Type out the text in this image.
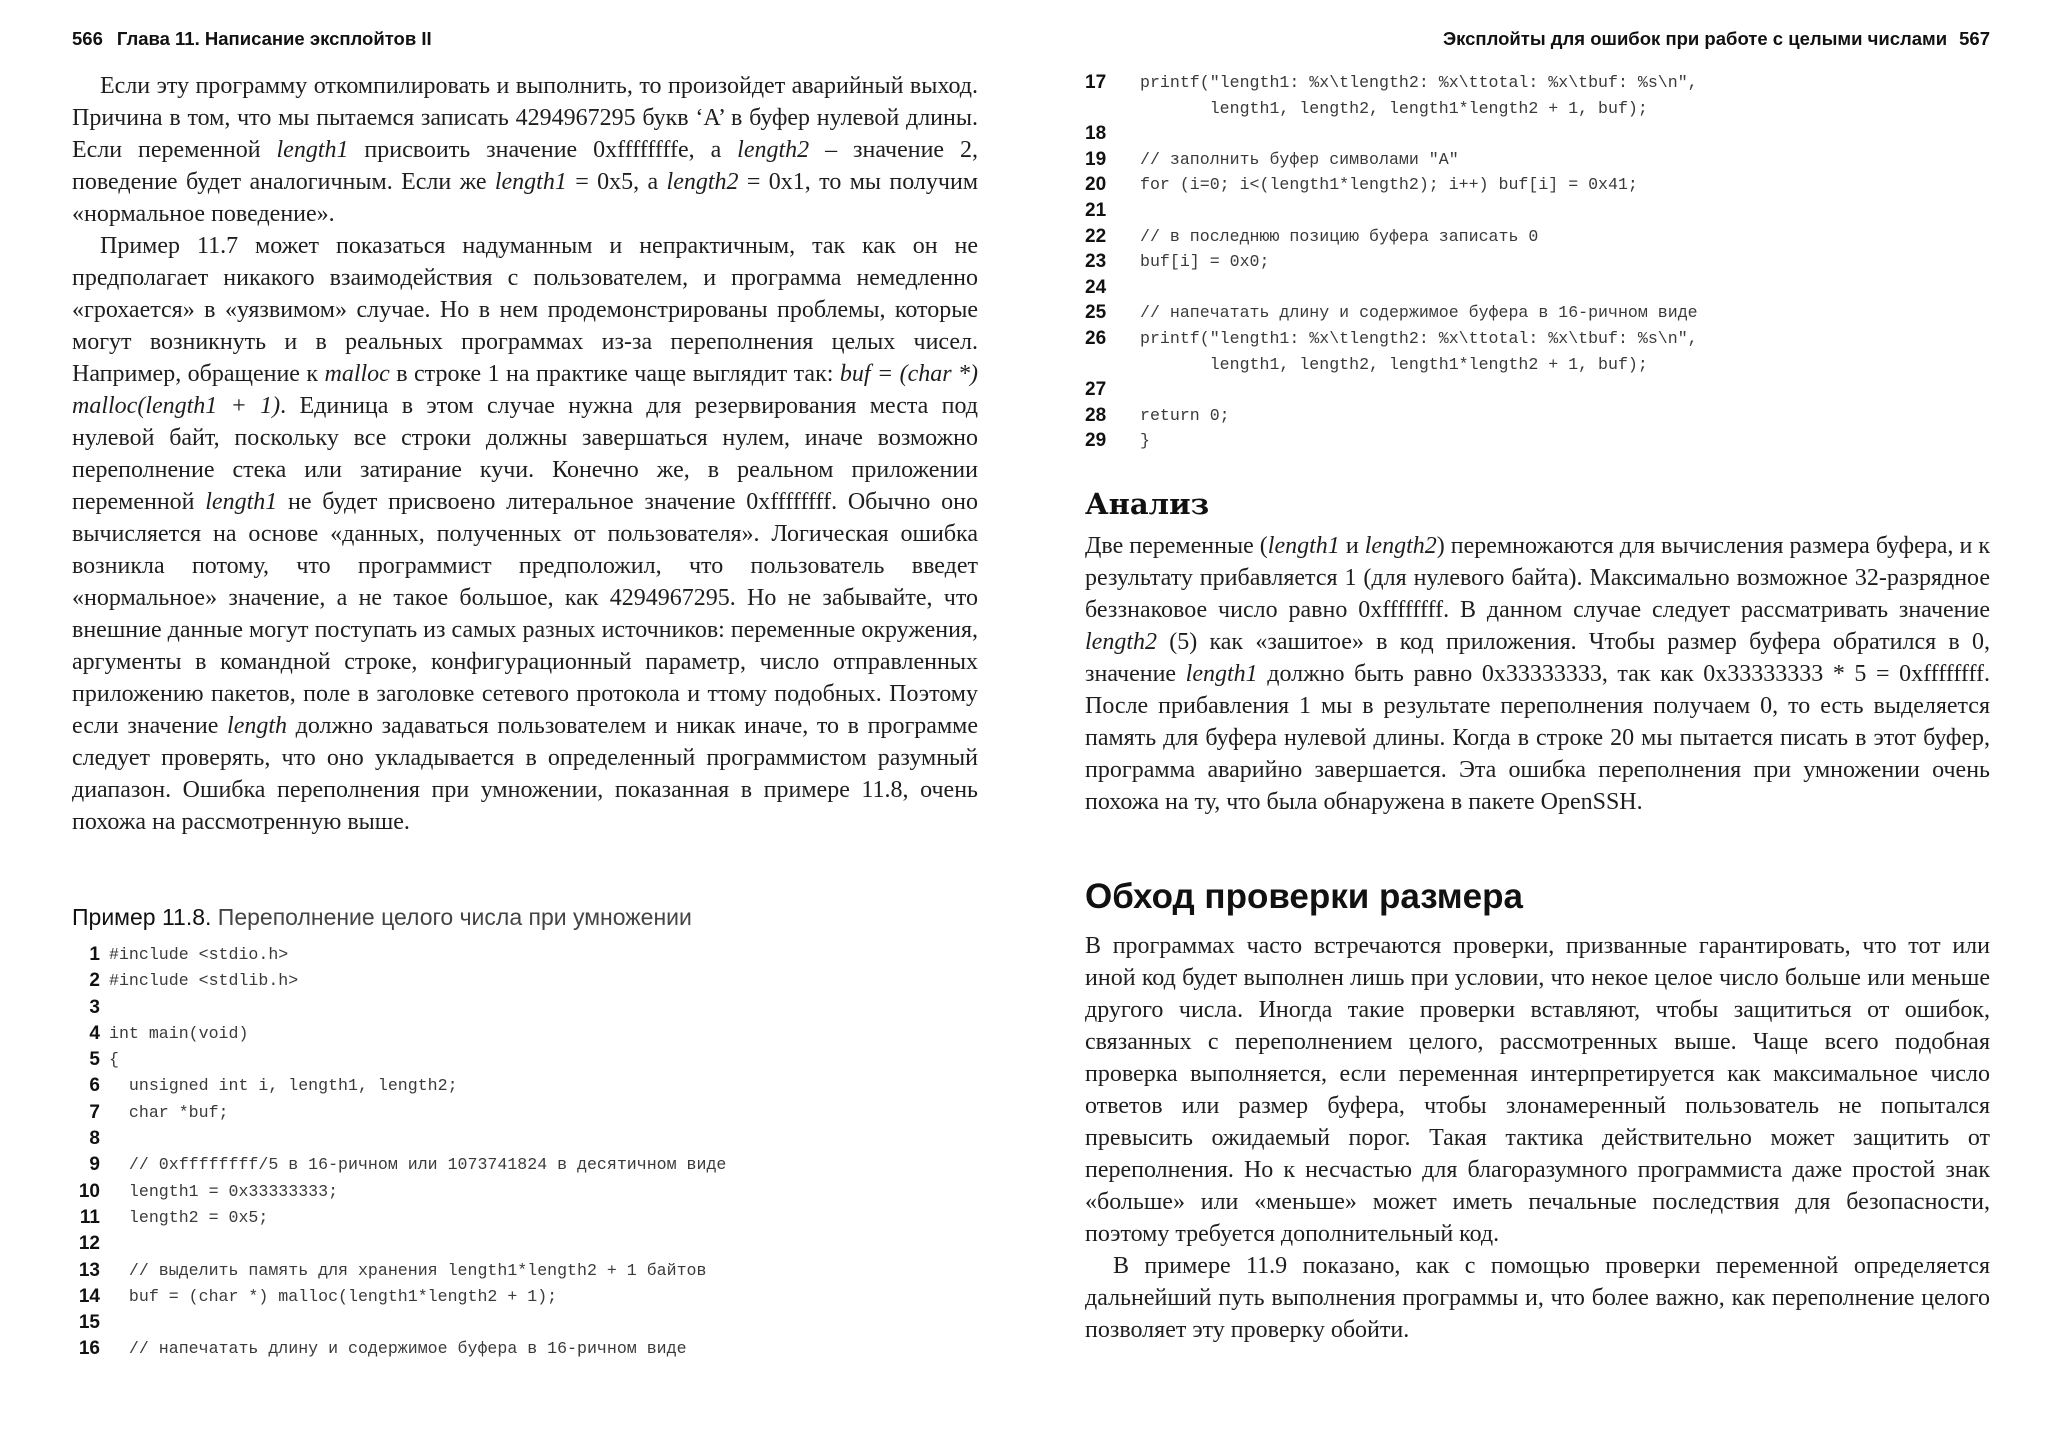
566 Глава 11. Написание эксплойтов II

Если эту программу откомпилировать и выполнить, то произойдет аварийный выход. Причина в том, что мы пытаемся записать 4294967295 букв ‘A’ в буфер нулевой длины. Если переменной length1 присвоить значение 0xffffffffe, а length2 – значение 2, поведение будет аналогичным. Если же length1 = 0x5, а length2 = 0x1, то мы получим «нормальное поведение».

Пример 11.7 может показаться надуманным и непрактичным, так как он не предполагает никакого взаимодействия с пользователем, и программа немедленно «грохается» в «уязвимом» случае. Но в нем продемонстрированы проблемы, которые могут возникнуть и в реальных программах из-за переполнения целых чисел. Например, обращение к malloc в строке 1 на практике чаще выглядит так: buf = (char *) malloc(length1 + 1). Единица в этом случае нужна для резервирования места под нулевой байт, поскольку все строки должны завершаться нулем, иначе возможно переполнение стека или затирание кучи. Конечно же, в реальном приложении переменной length1 не будет присвоено литеральное значение 0xffffffff. Обычно оно вычисляется на основе «данных, полученных от пользователя». Логическая ошибка возникла потому, что программист предположил, что пользователь введет «нормальное» значение, а не такое большое, как 4294967295. Но не забывайте, что внешние данные могут поступать из самых разных источников: переменные окружения, аргументы в командной строке, конфигурационный параметр, число отправленных приложению пакетов, поле в заголовке сетевого протокола и ттому подобных. Поэтому если значение length должно задаваться пользователем и никак иначе, то в программе следует проверять, что оно укладывается в определенный программистом разумный диапазон. Ошибка переполнения при умножении, показанная в примере 11.8, очень похожа на рассмотренную выше.

Пример 11.8. Переполнение целого числа при умножении
1 #include <stdio.h>
2 #include <stdlib.h>
3
4 int main(void)
5 {
6 unsigned int i, length1, length2;
7 char *buf;
8
9 // 0xffffffff/5 в 16-ричном или 1073741824 в десятичном виде
10 length1 = 0x33333333;
11 length2 = 0x5;
12
13 // выделить память для хранения length1*length2 + 1 байтов
14 buf = (char *) malloc(length1*length2 + 1);
15
16 // напечатать длину и содержимое буфера в 16-ричном виде
Эксплойты для ошибок при работе с целыми числами 567
17	printf("length1: %x\tlength2: %x\ttotal: %x\tbuf: %s\n",
length1, length2, length1*length2 + 1, buf);
18
19	// заполнить буфер символами "A"
20	for (i=0; i<(length1*length2); i++) buf[i] = 0x41;
21
22	// в последнюю позицию буфера записать 0
23	buf[i] = 0x0;
24
25	// напечатать длину и содержимое буфера в 16-ричном виде
26	printf("length1: %x\tlength2: %x\ttotal: %x\tbuf: %s\n",
length1, length2, length1*length2 + 1, buf);
27
28	return 0;
29	}
Анализ

Две переменные (length1 и length2) перемножаются для вычисления размера буфера, и к результату прибавляется 1 (для нулевого байта). Максимально возможное 32-разрядное беззнаковое число равно 0xffffffff. В данном случае следует рассматривать значение length2 (5) как «зашитое» в код приложения. Чтобы размер буфера обратился в 0, значение length1 должно быть равно 0x33333333, так как 0x33333333 * 5 = 0xffffffff. После прибавления 1 мы в результате переполнения получаем 0, то есть выделяется память для буфера нулевой длины. Когда в строке 20 мы пытается писать в этот буфер, программа аварийно завершается. Эта ошибка переполнения при умножении очень похожа на ту, что была обнаружена в пакете OpenSSH.

Обход проверки размера

В программах часто встречаются проверки, призванные гарантировать, что тот или иной код будет выполнен лишь при условии, что некое целое число больше или меньше другого числа. Иногда такие проверки вставляют, чтобы защититься от ошибок, связанных с переполнением целого, рассмотренных выше. Чаще всего подобная проверка выполняется, если переменная интерпретируется как максимальное число ответов или размер буфера, чтобы злонамеренный пользователь не попытался превысить ожидаемый порог. Такая тактика действительно может защитить от переполнения. Но к несчастью для благоразумного программиста даже простой знак «больше» или «меньше» может иметь печальные последствия для безопасности, поэтому требуется дополнительный код.

В примере 11.9 показано, как с помощью проверки переменной определяется дальнейший путь выполнения программы и, что более важно, как переполнение целого позволяет эту проверку обойти.
